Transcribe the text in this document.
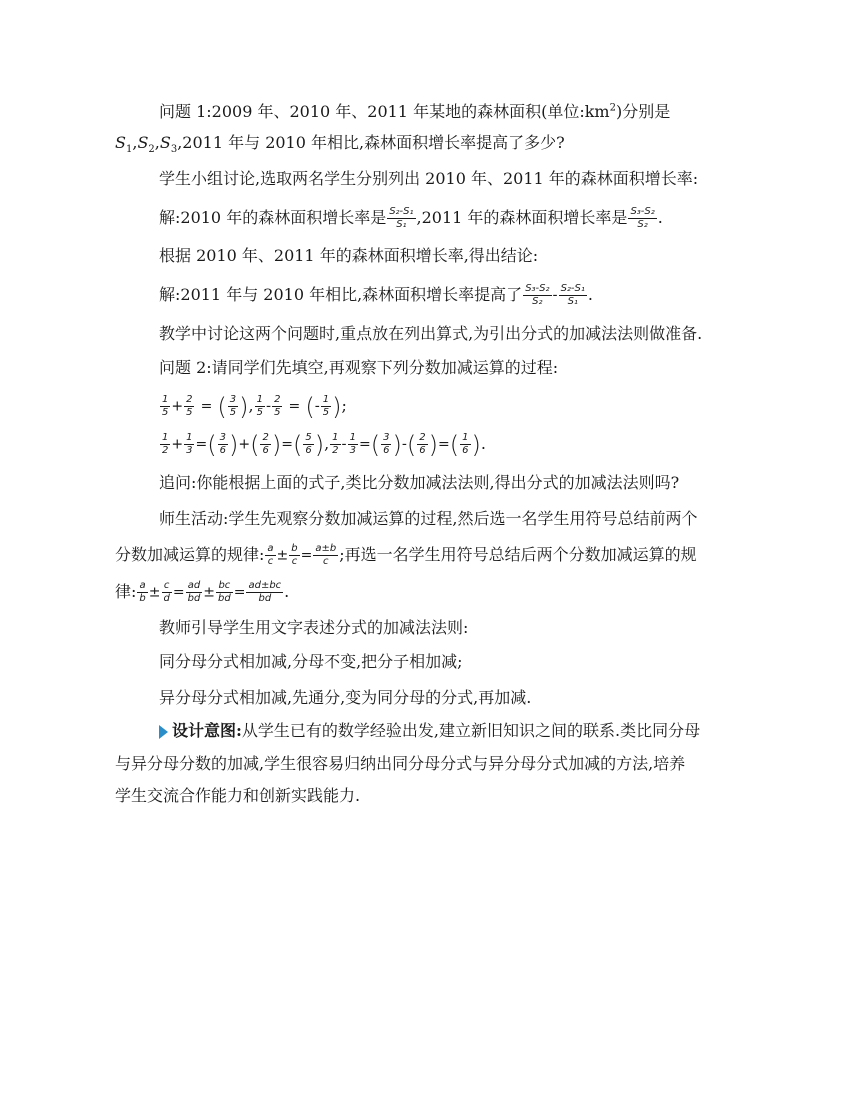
问题 1:2009 年、2010 年、2011 年某地的森林面积(单位$:km^2$)分别是
$S_1,S_2,S_3,2011$ 年与 2010 年相比,森林面积增长率提高了多少?
学生小组讨论,选取两名学生分别列出 2010 年、2011 年的森林面积增长率:
解:2010 年的森林面积增长率是 $\frac{\text{S₂-S₁}}{\text{S₁}} ,2011$ 年的森林面积增长率是 $\frac{\text{S₃-S₂}}{\text{S₂}}$ .
根据 2010 年、2011 年的森林面积增长率,得出结论:
解:2011 年与 2010 年相比,森林面积增长率提高了 $\frac{\text{S₃-S₂}}{\text{S₂}} - \frac{\text{S₂-S₁}}{\text{S₁}}$ .
教学中讨论这两个问题时,重点放在列出算式,为引出分式的加减法法则做准备.
问题 2:请同学们先填空,再观察下列分数加减运算的过程:
$\frac{1}{5} + \frac{2}{5}$ = ( $\frac{3}{5}$ ), $\frac{1}{5} - \frac{2}{5}$ = (- $\frac{1}{5}$ );
$\frac{1}{2} + \frac{1}{3}$ =( $\frac{3}{6}$ )+( $\frac{2}{6}$ )=( $\frac{5}{6}$ ), $\frac{1}{2} - \frac{1}{3}$ =( $\frac{3}{6}$ )-( $\frac{2}{6}$ )=( $\frac{1}{6}$ ).
追问:你能根据上面的式子,类比分数加减法法则,得出分式的加减法法则吗?
师生活动:学生先观察分数加减运算的过程,然后选一名学生用符号总结前两个
分数加减运算的规律: $\frac{a}{c} \pm \frac{b}{c} = \frac{a\pm b}{c}$ ;再选一名学生用符号总结后两个分数加减运算的规
律: $\frac{a}{b} \pm \frac{c}{d} = \frac{ad}{bd} \pm \frac{bc}{bd} = \frac{ad\pm bc}{bd}$ .
教师引导学生用文字表述分式的加减法法则:
同分母分式相加减,分母不变,把分子相加减;
异分母分式相加减,先通分,变为同分母的分式,再加减.
设计意图:从学生已有的数学经验出发,建立新旧知识之间的联系.类比同分母
与异分母分数的加减,学生很容易归纳出同分母分式与异分母分式加减的方法,培养
学生交流合作能力和创新实践能力.
